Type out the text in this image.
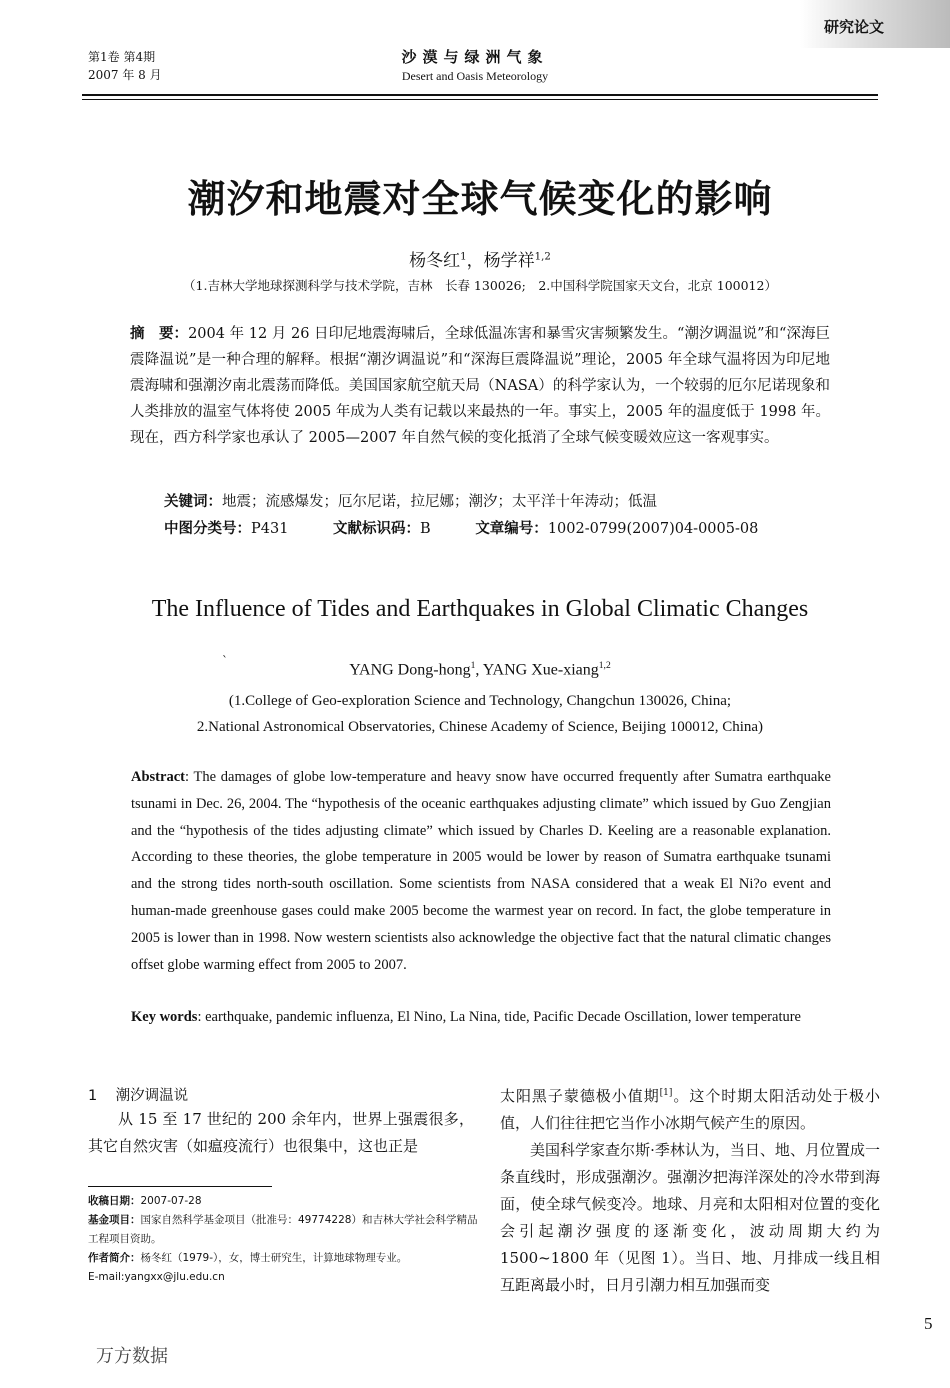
研究论文
第1卷 第4期
2007 年 8 月
沙漠与绿洲气象
Desert and Oasis Meteorology
潮汐和地震对全球气候变化的影响
杨冬红$^1$，杨学祥$^{1,2}$
（1.吉林大学地球探测科学与技术学院，吉林　长春 130026;　2.中国科学院国家天文台，北京 100012）
摘　要：2004 年 12 月 26 日印尼地震海啸后，全球低温冻害和暴雪灾害频繁发生。“潮汐调温说”和“深海巨震降温说”是一种合理的解释。根据“潮汐调温说”和“深海巨震降温说”理论，2005 年全球气温将因为印尼地震海啸和强潮汐南北震荡而降低。美国国家航空航天局（NASA）的科学家认为，一个较弱的厄尔尼诺现象和人类排放的温室气体将使 2005 年成为人类有记载以来最热的一年。事实上，2005 年的温度低于 1998 年。现在，西方科学家也承认了 2005—2007 年自然气候的变化抵消了全球气候变暖效应这一客观事实。
关键词：地震；流感爆发；厄尔尼诺，拉尼娜；潮汐；太平洋十年涛动；低温
中图分类号：P431	文献标识码：B	文章编号：1002-0799(2007)04-0005-08
The Influence of Tides and Earthquakes in Global Climatic Changes
`
YANG Dong-hong$^1$, YANG Xue-xiang$^{1,2}$
(1.College of Geo-exploration Science and Technology, Changchun 130026, China;
2.National Astronomical Observatories, Chinese Academy of Science, Beijing 100012, China)
Abstract: The damages of globe low-temperature and heavy snow have occurred frequently after Sumatra earthquake tsunami in Dec. 26, 2004. The “hypothesis of the oceanic earthquakes adjusting climate” which issued by Guo Zengjian and the “hypothesis of the tides adjusting climate” which issued by Charles D. Keeling are a reasonable explanation. According to these theories, the globe temperature in 2005 would be lower by reason of Sumatra earthquake tsunami and the strong tides north-south oscillation. Some scientists from NASA considered that a weak El Ni?o event and human-made greenhouse gases could make 2005 become the warmest year on record. In fact, the globe temperature in 2005 is lower than in 1998. Now western scientists also acknowledge the objective fact that the natural climatic changes offset globe warming effect from 2005 to 2007.
Key words: earthquake, pandemic influenza, El Nino, La Nina, tide, Pacific Decade Oscillation, lower temperature
1 潮汐调温说
从 15 至 17 世纪的 200 余年内，世界上强震很多，其它自然灾害（如瘟疫流行）也很集中，这也正是

太阳黑子蒙德极小值期[1]。这个时期太阳活动处于极小值，人们往往把它当作小冰期气候产生的原因。

美国科学家查尔斯·季林认为，当日、地、月位置成一条直线时，形成强潮汐。强潮汐把海洋深处的冷水带到海面，使全球气候变冷。地球、月亮和太阳相对位置的变化会引起潮汐强度的逐渐变化，波动周期大约为 1500~1800 年（见图 1）。当日、地、月排成一线且相互距离最小时，日月引潮力相互加强而变

收稿日期：2007-07-28
基金项目：国家自然科学基金项目（批准号：49774228）和吉林大学社会科学精品工程项目资助。
作者简介：杨冬红（1979-），女，博士研究生，计算地球物理专业。
E-mail:yangxx@jlu.edu.cn
5
万方数据
